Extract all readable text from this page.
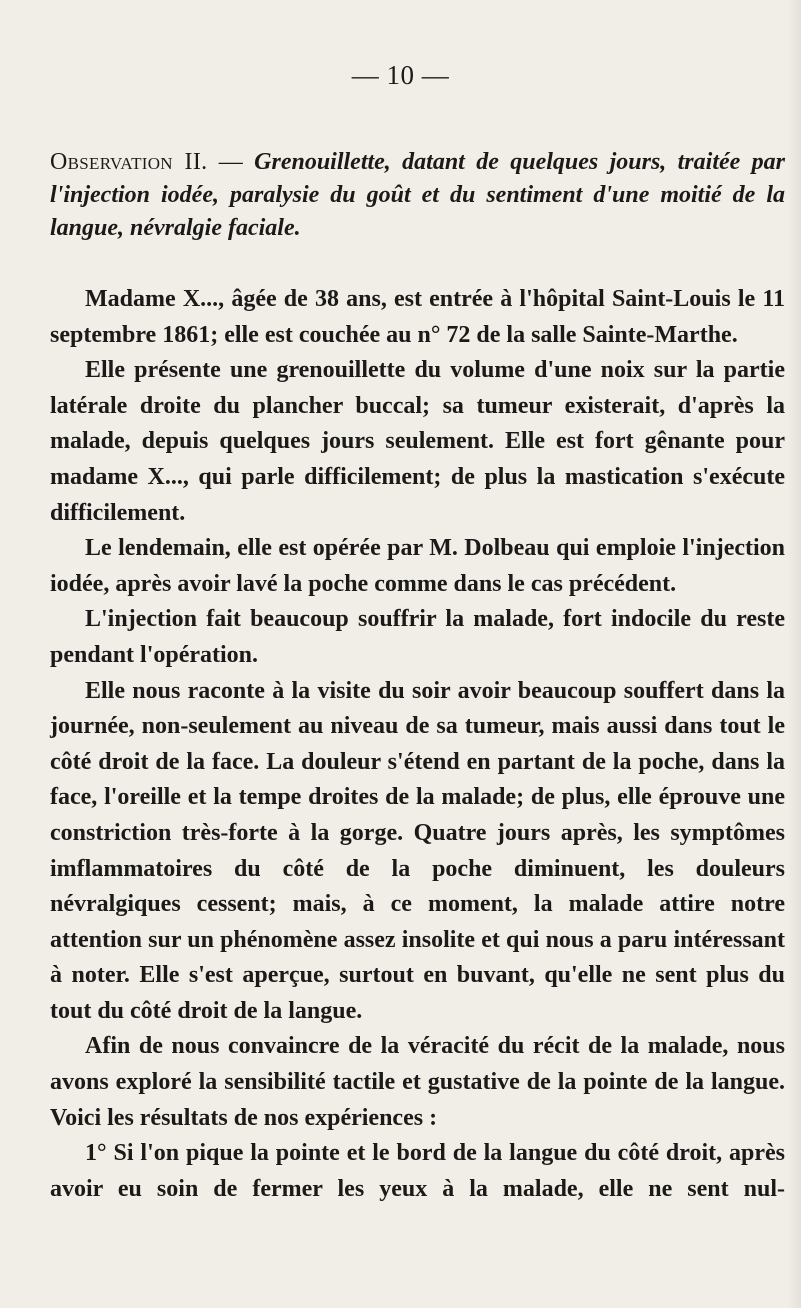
— 10 —
Observation II. — Grenouillette, datant de quelques jours, traitée par l'injection iodée, paralysie du goût et du sentiment d'une moitié de la langue, névralgie faciale.

Madame X..., âgée de 38 ans, est entrée à l'hôpital Saint-Louis le 11 septembre 1861; elle est couchée au n° 72 de la salle Sainte-Marthe.

Elle présente une grenouillette du volume d'une noix sur la partie latérale droite du plancher buccal; sa tumeur existerait, d'après la malade, depuis quelques jours seulement. Elle est fort gênante pour madame X..., qui parle difficilement; de plus la mastication s'exécute difficilement.

Le lendemain, elle est opérée par M. Dolbeau qui emploie l'injection iodée, après avoir lavé la poche comme dans le cas précédent.

L'injection fait beaucoup souffrir la malade, fort indocile du reste pendant l'opération.

Elle nous raconte à la visite du soir avoir beaucoup souffert dans la journée, non-seulement au niveau de sa tumeur, mais aussi dans tout le côté droit de la face. La douleur s'étend en partant de la poche, dans la face, l'oreille et la tempe droites de la malade; de plus, elle éprouve une constriction très-forte à la gorge. Quatre jours après, les symptômes imflammatoires du côté de la poche diminuent, les douleurs névralgiques cessent; mais, à ce moment, la malade attire notre attention sur un phénomène assez insolite et qui nous a paru intéressant à noter. Elle s'est aperçue, surtout en buvant, qu'elle ne sent plus du tout du côté droit de la langue.

Afin de nous convaincre de la véracité du récit de la malade, nous avons exploré la sensibilité tactile et gustative de la pointe de la langue. Voici les résultats de nos expériences :

1° Si l'on pique la pointe et le bord de la langue du côté droit, après avoir eu soin de fermer les yeux à la malade, elle ne sent nul-
